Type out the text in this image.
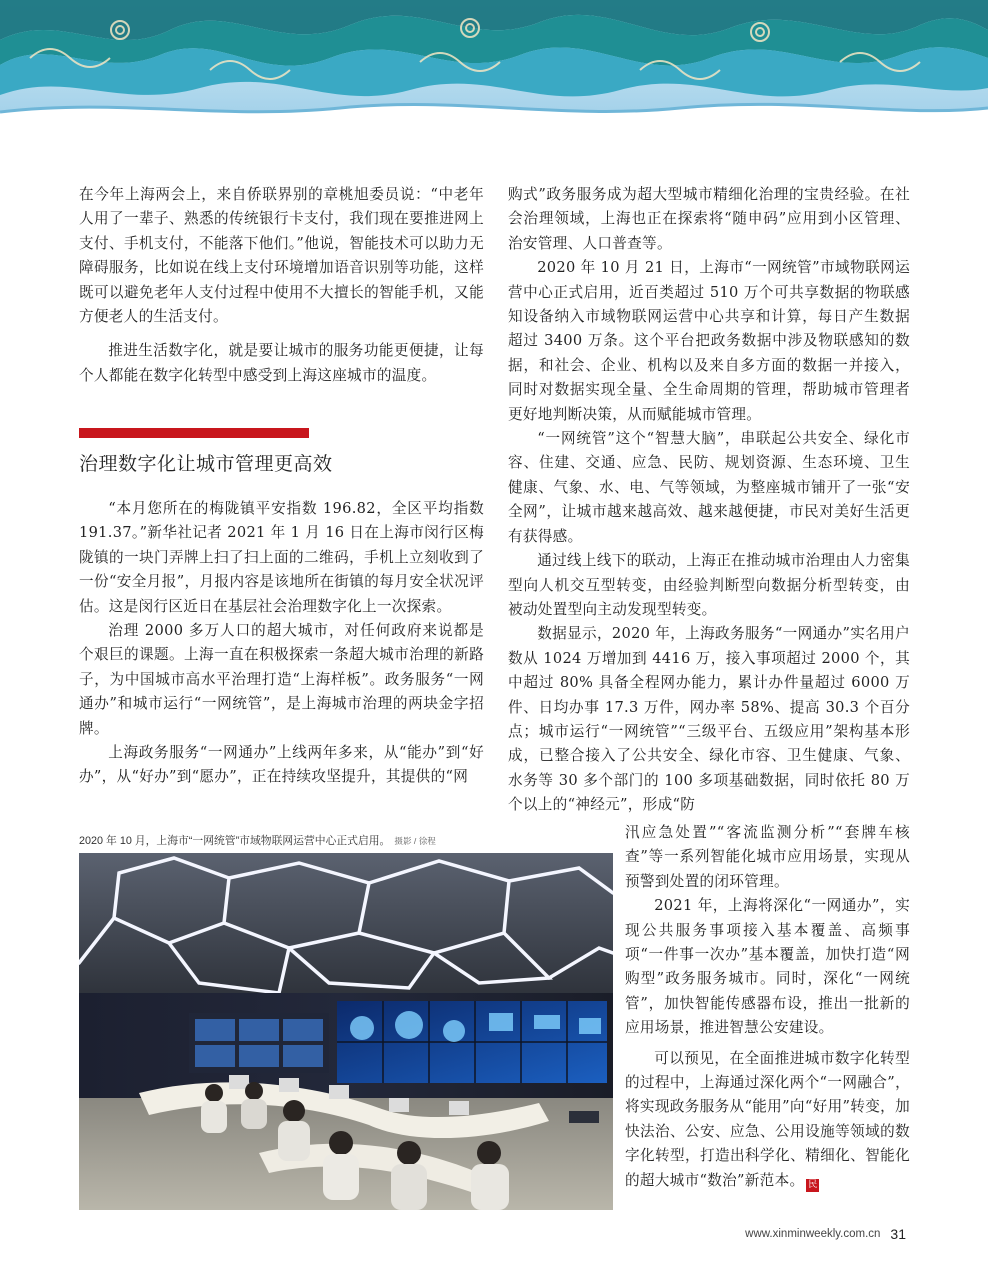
在今年上海两会上，来自侨联界别的章桃旭委员说：“中老年人用了一辈子、熟悉的传统银行卡支付，我们现在要推进网上支付、手机支付，不能落下他们。”他说，智能技术可以助力无障碍服务，比如说在线上支付环境增加语音识别等功能，这样既可以避免老年人支付过程中使用不大擅长的智能手机，又能方便老人的生活支付。

推进生活数字化，就是要让城市的服务功能更便捷，让每个人都能在数字化转型中感受到上海这座城市的温度。

治理数字化让城市管理更高效

“本月您所在的梅陇镇平安指数 196.82，全区平均指数 191.37。”新华社记者 2021 年 1 月 16 日在上海市闵行区梅陇镇的一块门弄牌上扫了扫上面的二维码，手机上立刻收到了一份“安全月报”，月报内容是该地所在街镇的每月安全状况评估。这是闵行区近日在基层社会治理数字化上一次探索。

治理 2000 多万人口的超大城市，对任何政府来说都是个艰巨的课题。上海一直在积极探索一条超大城市治理的新路子，为中国城市高水平治理打造“上海样板”。政务服务“一网通办”和城市运行“一网统管”，是上海城市治理的两块金字招牌。

上海政务服务“一网通办”上线两年多来，从“能办”到“好办”，从“好办”到“愿办”，正在持续攻坚提升，其提供的“网

2020 年 10 月，上海市“一网统管”市域物联网运营中心正式启用。 摄影 / 徐程

购式”政务服务成为超大型城市精细化治理的宝贵经验。在社会治理领域，上海也正在探索将“随申码”应用到小区管理、治安管理、人口普查等。

2020 年 10 月 21 日，上海市“一网统管”市域物联网运营中心正式启用，近百类超过 510 万个可共享数据的物联感知设备纳入市域物联网运营中心共享和计算，每日产生数据超过 3400 万条。这个平台把政务数据中涉及物联感知的数据，和社会、企业、机构以及来自多方面的数据一并接入，同时对数据实现全量、全生命周期的管理，帮助城市管理者更好地判断决策，从而赋能城市管理。

“一网统管”这个“智慧大脑”，串联起公共安全、绿化市容、住建、交通、应急、民防、规划资源、生态环境、卫生健康、气象、水、电、气等领域，为整座城市铺开了一张“安全网”，让城市越来越高效、越来越便捷，市民对美好生活更有获得感。

通过线上线下的联动，上海正在推动城市治理由人力密集型向人机交互型转变，由经验判断型向数据分析型转变，由被动处置型向主动发现型转变。

数据显示，2020 年，上海政务服务“一网通办”实名用户数从 1024 万增加到 4416 万，接入事项超过 2000 个，其中超过 80% 具备全程网办能力，累计办件量超过 6000 万件、日均办事 17.3 万件，网办率 58%、提高 30.3 个百分点；城市运行“一网统管”“三级平台、五级应用”架构基本形成，已整合接入了公共安全、绿化市容、卫生健康、气象、水务等 30 多个部门的 100 多项基础数据，同时依托 80 万个以上的“神经元”，形成“防

汛应急处置”“客流监测分析”“套牌车核查”等一系列智能化城市应用场景，实现从预警到处置的闭环管理。

2021 年，上海将深化“一网通办”，实现公共服务事项接入基本覆盖、高频事项“一件事一次办”基本覆盖，加快打造“网购型”政务服务城市。同时，深化“一网统管”，加快智能传感器布设，推出一批新的应用场景，推进智慧公安建设。

可以预见，在全面推进城市数字化转型的过程中，上海通过深化两个“一网融合”，将实现政务服务从“能用”向“好用”转变，加快法治、公安、应急、公用设施等领域的数字化转型，打造出科学化、精细化、智能化的超大城市“数治”新范本。 民

www.xinminweekly.com.cn 31
